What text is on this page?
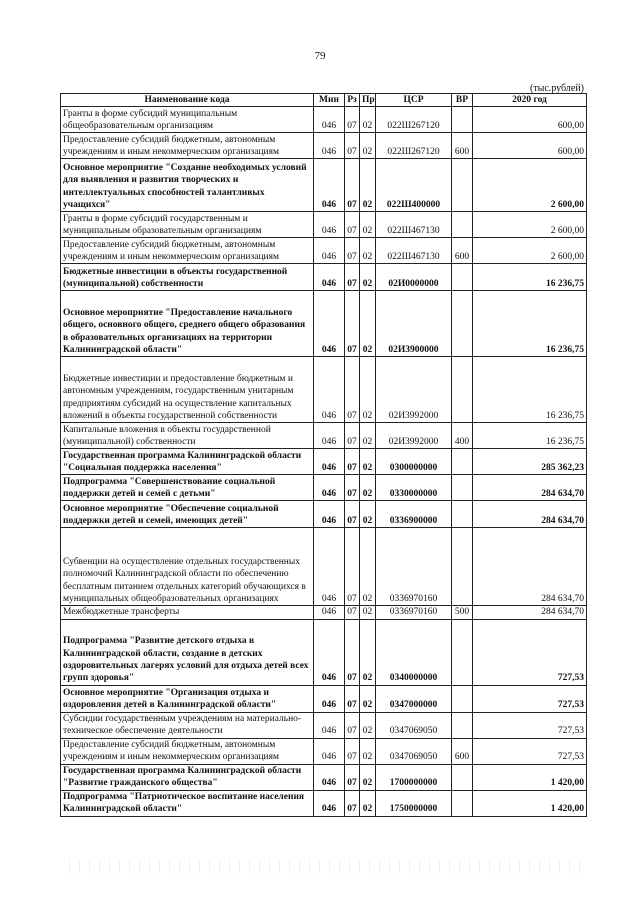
79
(тыс.рублей)
Наименование кода	Мин	Рз	Пр	ЦСР	ВР	2020 год
Гранты в форме субсидий муниципальным общеобразовательным организациям	046	07	02	022Ш267120		600,00
Предоставление субсидий бюджетным, автономным учреждениям и иным некоммерческим организациям	046	07	02	022Ш267120	600	600,00
Основное мероприятие "Создание необходимых условий для выявления и развития творческих и интеллектуальных способностей талантливых учащихся"	046	07	02	022Ш400000		2 600,00
Гранты в форме субсидий государственным и муниципальным образовательным организациям	046	07	02	022Ш467130		2 600,00
Предоставление субсидий бюджетным, автономным учреждениям и иным некоммерческим организациям	046	07	02	022Ш467130	600	2 600,00
Бюджетные инвестиции в объекты государственной (муниципальной) собственности	046	07	02	02И0000000		16 236,75
Основное мероприятие "Предоставление начального общего, основного общего, среднего общего образования в образовательных организациях на территории Калининградской области"	046	07	02	02И3900000		16 236,75
Бюджетные инвестиции и предоставление бюджетным и автономным учреждениям, государственным унитарным предприятиям субсидий на осуществление капитальных вложений в объекты государственной собственности	046	07	02	02И3992000		16 236,75
Капитальные вложения в объекты государственной (муниципальной) собственности	046	07	02	02И3992000	400	16 236,75
Государственная программа Калининградской области "Социальная поддержка населения"	046	07	02	0300000000		285 362,23
Подпрограмма "Совершенствование социальной поддержки детей и семей с детьми"	046	07	02	0330000000		284 634,70
Основное мероприятие "Обеспечение социальной поддержки детей и семей, имеющих детей"	046	07	02	0336900000		284 634,70
Субвенции на осуществление отдельных государственных полномочий Калининградской области по обеспечению бесплатным питанием отдельных категорий обучающихся в муниципальных общеобразовательных организациях	046	07	02	0336970160		284 634,70
Межбюджетные трансферты	046	07	02	0336970160	500	284 634,70
Подпрограмма "Развитие детского отдыха в Калининградской области, создание в детских оздоровительных лагерях условий для отдыха детей всех групп здоровья"	046	07	02	0340000000		727,53
Основное мероприятие "Организация отдыха и оздоровления детей в Калининградской области"	046	07	02	0347000000		727,53
Субсидии государственным учреждениям на материально-техническое обеспечение деятельности	046	07	02	0347069050		727,53
Предоставление субсидий бюджетным, автономным учреждениям и иным некоммерческим организациям	046	07	02	0347069050	600	727,53
Государственная программа Калининградской области "Развитие гражданского общества"	046	07	02	1700000000		1 420,00
Подпрограмма "Патриотическое воспитание населения Калининградской области"	046	07	02	1750000000		1 420,00
